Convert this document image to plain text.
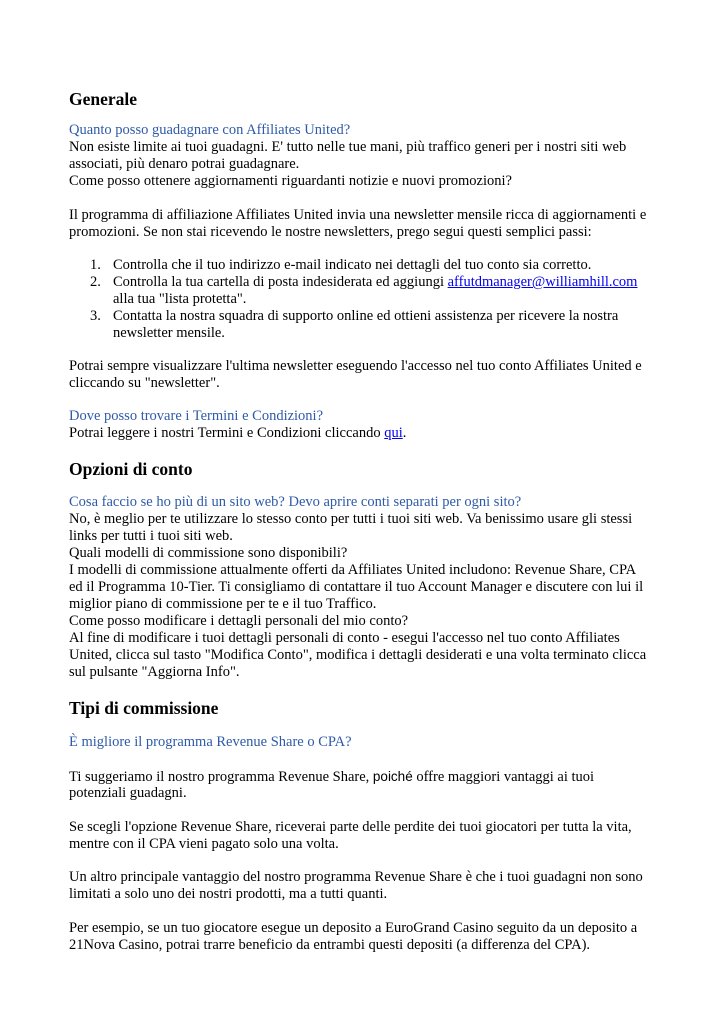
Generale
Quanto posso guadagnare con Affiliates United?
Non esiste limite ai tuoi guadagni. E' tutto nelle tue mani, più traffico generi per i nostri siti web
associati, più denaro potrai guadagnare.
Come posso ottenere aggiornamenti riguardanti notizie e nuovi promozioni?
Il programma di affiliazione Affiliates United invia una newsletter mensile ricca di aggiornamenti e
promozioni. Se non stai ricevendo le nostre newsletters, prego segui questi semplici passi:
1. Controlla che il tuo indirizzo e-mail indicato nei dettagli del tuo conto sia corretto.
2. Controlla la tua cartella di posta indesiderata ed aggiungi affutdmanager@williamhill.com
alla tua "lista protetta".
3. Contatta la nostra squadra di supporto online ed ottieni assistenza per ricevere la nostra
newsletter mensile.
Potrai sempre visualizzare l'ultima newsletter eseguendo l'accesso nel tuo conto Affiliates United e
cliccando su "newsletter".
Dove posso trovare i Termini e Condizioni?
Potrai leggere i nostri Termini e Condizioni cliccando qui.
Opzioni di conto
Cosa faccio se ho più di un sito web? Devo aprire conti separati per ogni sito?
No, è meglio per te utilizzare lo stesso conto per tutti i tuoi siti web. Va benissimo usare gli stessi
links per tutti i tuoi siti web.
Quali modelli di commissione sono disponibili?
I modelli di commissione attualmente offerti da Affiliates United includono: Revenue Share, CPA
ed il Programma 10-Tier. Ti consigliamo di contattare il tuo Account Manager e discutere con lui il
miglior piano di commissione per te e il tuo Traffico.
Come posso modificare i dettagli personali del mio conto?
Al fine di modificare i tuoi dettagli personali di conto - esegui l'accesso nel tuo conto Affiliates
United, clicca sul tasto "Modifica Conto", modifica i dettagli desiderati e una volta terminato clicca
sul pulsante "Aggiorna Info".
Tipi di commissione
È migliore il programma Revenue Share o CPA?
Ti suggeriamo il nostro programma Revenue Share, poiché offre maggiori vantaggi ai tuoi
potenziali guadagni.
Se scegli l'opzione Revenue Share, riceverai parte delle perdite dei tuoi giocatori per tutta la vita,
mentre con il CPA vieni pagato solo una volta.
Un altro principale vantaggio del nostro programma Revenue Share è che i tuoi guadagni non sono
limitati a solo uno dei nostri prodotti, ma a tutti quanti.
Per esempio, se un tuo giocatore esegue un deposito a EuroGrand Casino seguito da un deposito a
21Nova Casino, potrai trarre beneficio da entrambi questi depositi (a differenza del CPA).
